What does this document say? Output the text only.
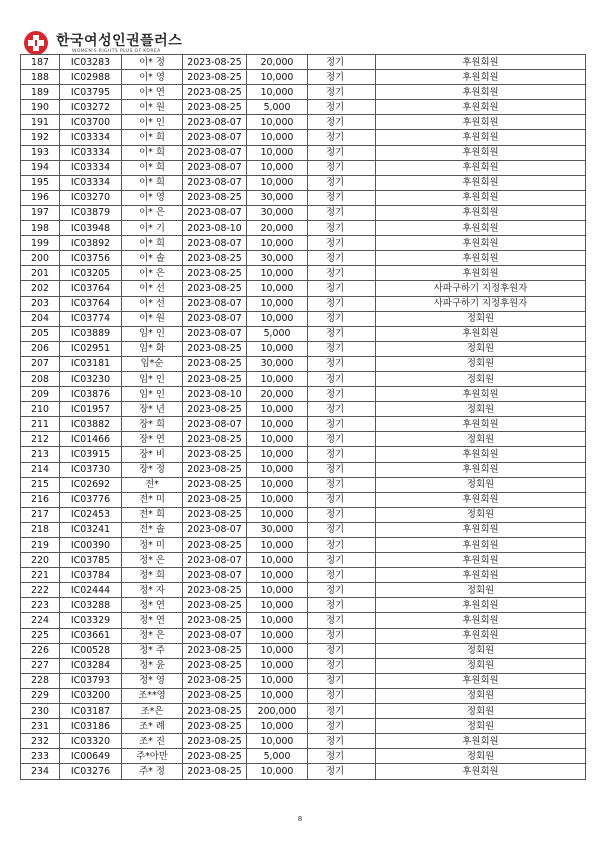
한국여성인권플러스
WOMEN'S RIGHTS PLUS OF KOREA
187	IC03283	이* 정	2023-08-25	20,000	정기	후원회원
188	IC02988	이* 영	2023-08-25	10,000	정기	후원회원
189	IC03795	이* 연	2023-08-25	10,000	정기	후원회원
190	IC03272	이* 원	2023-08-25	5,000	정기	후원회원
191	IC03700	이* 인	2023-08-07	10,000	정기	후원회원
192	IC03334	이* 희	2023-08-07	10,000	정기	후원회원
193	IC03334	이* 희	2023-08-07	10,000	정기	후원회원
194	IC03334	이* 희	2023-08-07	10,000	정기	후원회원
195	IC03334	이* 희	2023-08-07	10,000	정기	후원회원
196	IC03270	이* 영	2023-08-25	30,000	정기	후원회원
197	IC03879	이* 은	2023-08-07	30,000	정기	후원회원
198	IC03948	이* 기	2023-08-10	20,000	정기	후원회원
199	IC03892	이* 희	2023-08-07	10,000	정기	후원회원
200	IC03756	이* 솔	2023-08-25	30,000	정기	후원회원
201	IC03205	이* 은	2023-08-25	10,000	정기	후원회원
202	IC03764	이* 선	2023-08-25	10,000	정기	사파구하기 지정후원자
203	IC03764	이* 선	2023-08-07	10,000	정기	사파구하기 지정후원자
204	IC03774	이* 원	2023-08-07	10,000	정기	정회원
205	IC03889	임* 인	2023-08-07	5,000	정기	후원회원
206	IC02951	임* 화	2023-08-25	10,000	정기	정회원
207	IC03181	임*순	2023-08-25	30,000	정기	정회원
208	IC03230	임* 인	2023-08-25	10,000	정기	정회원
209	IC03876	임* 인	2023-08-10	20,000	정기	후원회원
210	IC01957	장* 년	2023-08-25	10,000	정기	정회원
211	IC03882	장* 희	2023-08-07	10,000	정기	후원회원
212	IC01466	장* 연	2023-08-25	10,000	정기	정회원
213	IC03915	장* 비	2023-08-25	10,000	정기	후원회원
214	IC03730	장* 정	2023-08-25	10,000	정기	후원회원
215	IC02692	전*	2023-08-25	10,000	정기	정회원
216	IC03776	전* 미	2023-08-25	10,000	정기	후원회원
217	IC02453	전* 희	2023-08-25	10,000	정기	정회원
218	IC03241	전* 솔	2023-08-07	30,000	정기	후원회원
219	IC00390	정* 미	2023-08-25	10,000	정기	후원회원
220	IC03785	정* 은	2023-08-07	10,000	정기	후원회원
221	IC03784	정* 희	2023-08-07	10,000	정기	후원회원
222	IC02444	정* 자	2023-08-25	10,000	정기	정회원
223	IC03288	정* 연	2023-08-25	10,000	정기	후원회원
224	IC03329	정* 연	2023-08-25	10,000	정기	후원회원
225	IC03661	정* 은	2023-08-07	10,000	정기	후원회원
226	IC00528	정* 주	2023-08-25	10,000	정기	정회원
227	IC03284	정* 윤	2023-08-25	10,000	정기	정회원
228	IC03793	정* 영	2023-08-25	10,000	정기	후원회원
229	IC03200	조**영	2023-08-25	10,000	정기	정회원
230	IC03187	조*은	2023-08-25	200,000	정기	정회원
231	IC03186	조* 례	2023-08-25	10,000	정기	정회원
232	IC03320	조* 진	2023-08-25	10,000	정기	후원회원
233	IC00649	주*아만	2023-08-25	5,000	정기	정회원
234	IC03276	주* 정	2023-08-25	10,000	정기	후원회원
8
